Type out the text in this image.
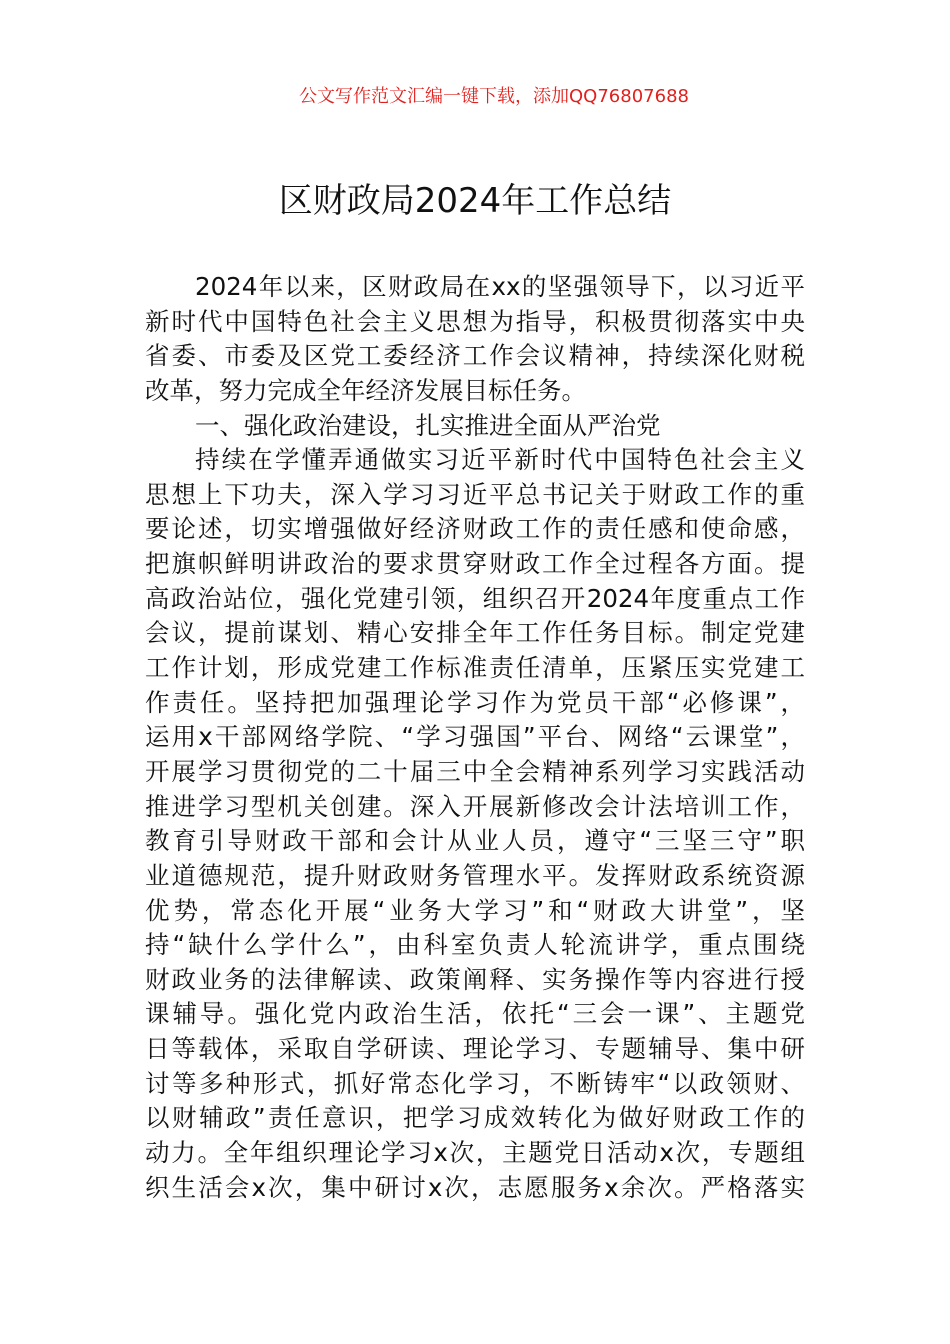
公文写作范文汇编一键下载，添加QQ76807688
区财政局2024年工作总结
2024年以来，区财政局在xx的坚强领导下，以习近平
新时代中国特色社会主义思想为指导，积极贯彻落实中央
省委、市委及区党工委经济工作会议精神，持续深化财税
改革，努力完成全年经济发展目标任务。
一、强化政治建设，扎实推进全面从严治党
持续在学懂弄通做实习近平新时代中国特色社会主义
思想上下功夫，深入学习习近平总书记关于财政工作的重
要论述，切实增强做好经济财政工作的责任感和使命感，
把旗帜鲜明讲政治的要求贯穿财政工作全过程各方面。提
高政治站位，强化党建引领，组织召开2024年度重点工作
会议，提前谋划、精心安排全年工作任务目标。制定党建
工作计划，形成党建工作标准责任清单，压紧压实党建工
作责任。坚持把加强理论学习作为党员干部“必修课”，
运用x干部网络学院、“学习强国”平台、网络“云课堂”，
开展学习贯彻党的二十届三中全会精神系列学习实践活动
推进学习型机关创建。深入开展新修改会计法培训工作，
教育引导财政干部和会计从业人员，遵守“三坚三守”职
业道德规范，提升财政财务管理水平。发挥财政系统资源
优势，常态化开展“业务大学习”和“财政大讲堂”，坚
持“缺什么学什么”，由科室负责人轮流讲学，重点围绕
财政业务的法律解读、政策阐释、实务操作等内容进行授
课辅导。强化党内政治生活，依托“三会一课”、主题党
日等载体，采取自学研读、理论学习、专题辅导、集中研
讨等多种形式，抓好常态化学习，不断铸牢“以政领财、
以财辅政”责任意识，把学习成效转化为做好财政工作的
动力。全年组织理论学习x次，主题党日活动x次，专题组
织生活会x次，集中研讨x次，志愿服务x余次。严格落实
